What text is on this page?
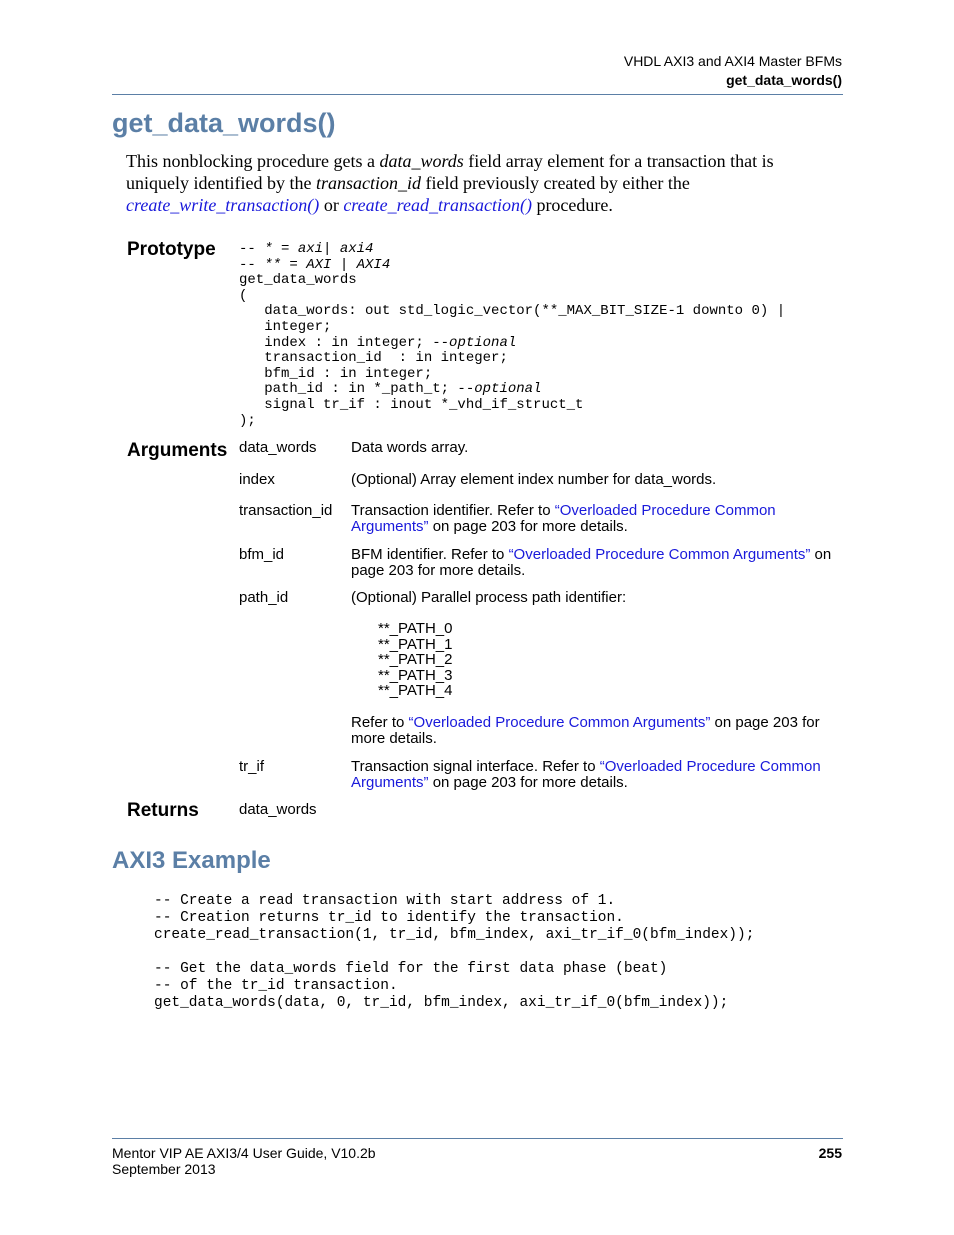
VHDL AXI3 and AXI4 Master BFMs
get_data_words()
get_data_words()
This nonblocking procedure gets a data_words field array element for a transaction that is uniquely identified by the transaction_id field previously created by either the
create_write_transaction() or create_read_transaction() procedure.
Prototype -- * = axi| axi4
-- ** = AXI | AXI4
get_data_words
(
data_words: out std_logic_vector(**_MAX_BIT_SIZE-1 downto 0) |
integer;
index : in integer; --optional
transaction_id  : in integer;
bfm_id : in integer;
path_id : in *_path_t; --optional
signal tr_if : inout *_vhd_if_struct_t
);
Arguments data_words Data words array.
index	(Optional) Array element index number for data_words.
transaction_id Transaction identifier. Refer to “Overloaded Procedure Common Arguments” on page 203 for more details.
bfm_id	BFM identifier. Refer to “Overloaded Procedure Common Arguments” on page 203 for more details.
path_id	(Optional) Parallel process path identifier:
**_PATH_0
**_PATH_1
**_PATH_2
**_PATH_3
**_PATH_4
Refer to “Overloaded Procedure Common Arguments” on page 203 for more details.
tr_if	Transaction signal interface. Refer to “Overloaded Procedure Common Arguments” on page 203 for more details.
Returns	data_words
AXI3 Example
-- Create a read transaction with start address of 1.
-- Creation returns tr_id to identify the transaction.
create_read_transaction(1, tr_id, bfm_index, axi_tr_if_0(bfm_index));

-- Get the data_words field for the first data phase (beat)
-- of the tr_id transaction.
get_data_words(data, 0, tr_id, bfm_index, axi_tr_if_0(bfm_index));
Mentor VIP AE AXI3/4 User Guide, V10.2b
September 2013
255
